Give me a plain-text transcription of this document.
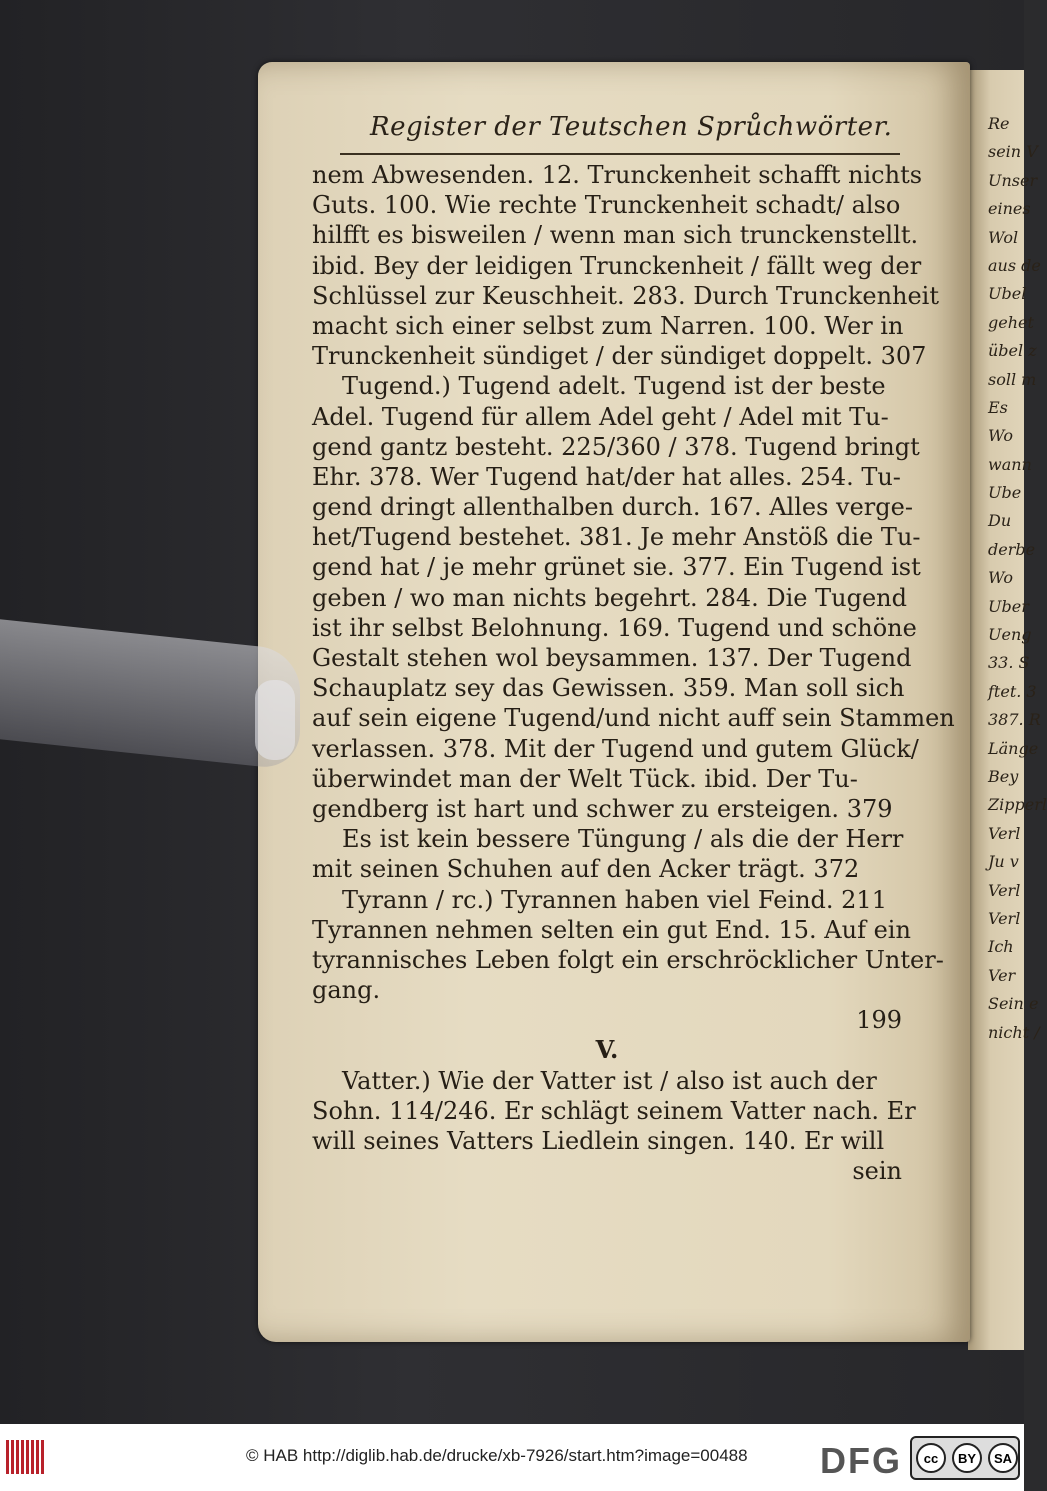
Re
sein V
Unser
eines
Wol
aus de
Ubel
gehet
übel z
soll m
Es
Wo
wann
Ube
Du
derbe
Wo
Uber
Ueng
33. S
ftet. 3
387. R
Länge
Bey
Zipperl
Verl
Ju v
Verl
Verl
Ich
Ver
Sein e
nicht /
Register der Teutschen Sprůchwörter.
nem Abwesenden. 12. Trunckenheit schafft nichts
Guts. 100. Wie rechte Trunckenheit schadt/ also
hilfft es bisweilen / wenn man sich trunckenstellt.
ibid. Bey der leidigen Trunckenheit / fällt weg der
Schlüssel zur Keuschheit. 283. Durch Trunckenheit
macht sich einer selbst zum Narren. 100. Wer in
Trunckenheit sündiget / der sündiget doppelt. 307
Tugend.) Tugend adelt. Tugend ist der beste
Adel. Tugend für allem Adel geht / Adel mit Tu-
gend gantz besteht. 225/360 / 378. Tugend bringt
Ehr. 378. Wer Tugend hat/der hat alles. 254. Tu-
gend dringt allenthalben durch. 167. Alles verge-
het/Tugend bestehet. 381. Je mehr Anstöß die Tu-
gend hat / je mehr grünet sie. 377. Ein Tugend ist
geben / wo man nichts begehrt. 284. Die Tugend
ist ihr selbst Belohnung. 169. Tugend und schöne
Gestalt stehen wol beysammen. 137. Der Tugend
Schauplatz sey das Gewissen. 359. Man soll sich
auf sein eigene Tugend/und nicht auff sein Stammen
verlassen. 378. Mit der Tugend und gutem Glück/
überwindet man der Welt Tück. ibid. Der Tu-
gendberg ist hart und schwer zu ersteigen. 379
Es ist kein bessere Tüngung / als die der Herr
mit seinen Schuhen auf den Acker trägt. 372
Tyrann / rc.) Tyrannen haben viel Feind. 211
Tyrannen nehmen selten ein gut End. 15. Auf ein
tyrannisches Leben folgt ein erschröcklicher Unter-
gang.
199
V.
Vatter.) Wie der Vatter ist / also ist auch der
Sohn. 114/246. Er schlägt seinem Vatter nach. Er
will seines Vatters Liedlein singen. 140. Er will
sein
© HAB http://diglib.hab.de/drucke/xb-7926/start.htm?image=00488 DFG	cc	BY	SA
